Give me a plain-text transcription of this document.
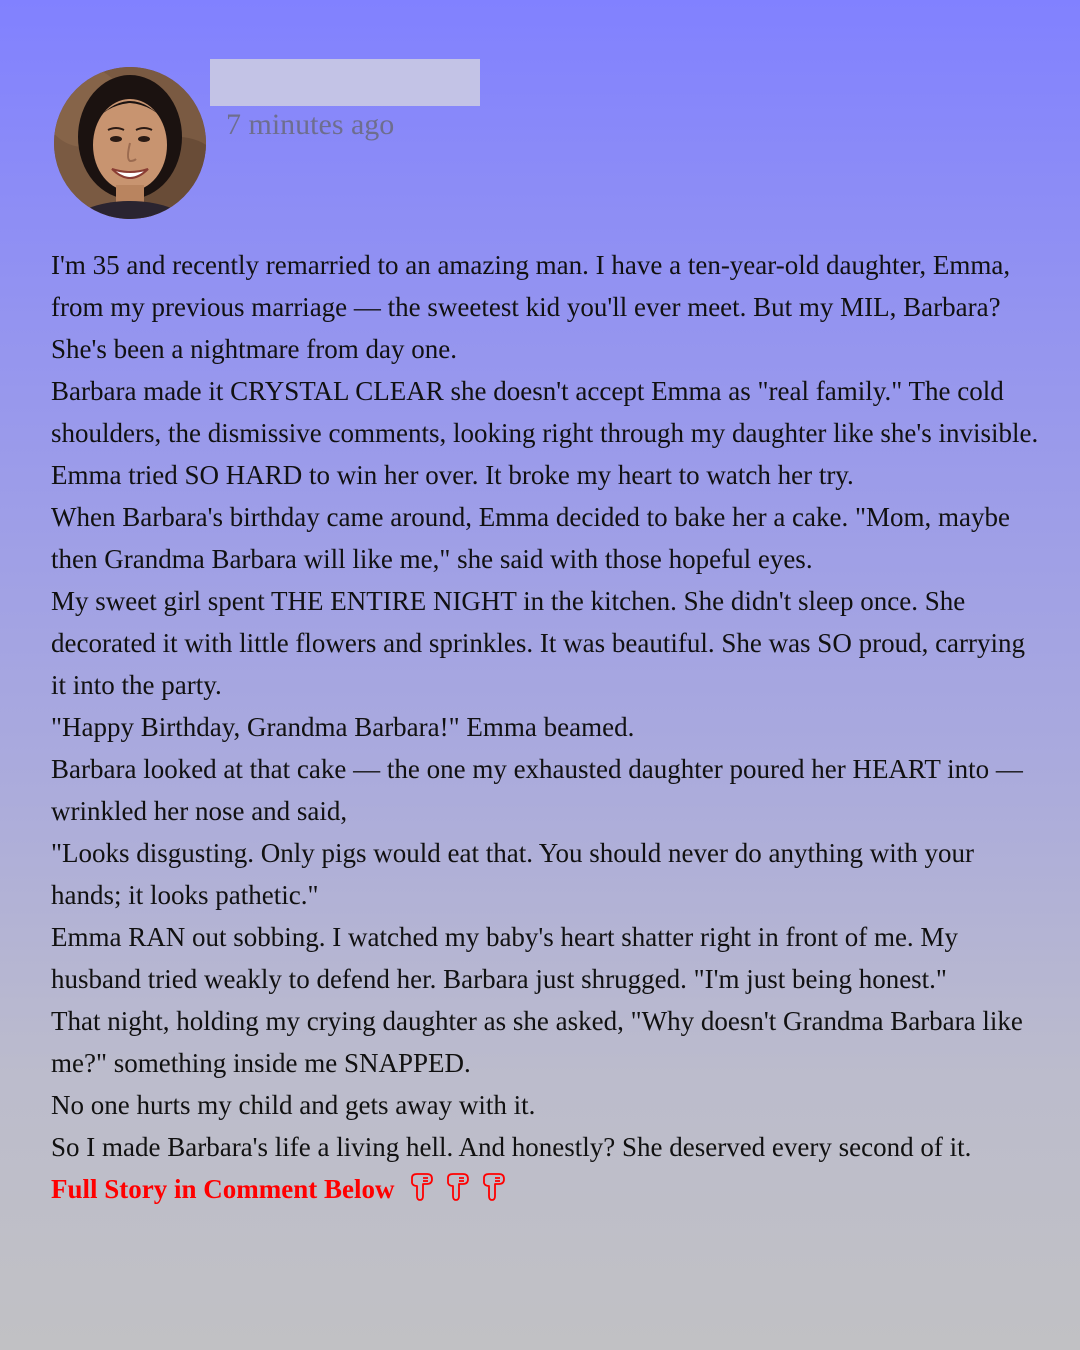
7 minutes ago

I'm 35 and recently remarried to an amazing man. I have a ten-year-old daughter, Emma, from my previous marriage — the sweetest kid you'll ever meet. But my MIL, Barbara? She's been a nightmare from day one.

Barbara made it CRYSTAL CLEAR she doesn't accept Emma as "real family." The cold shoulders, the dismissive comments, looking right through my daughter like she's invisible. Emma tried SO HARD to win her over. It broke my heart to watch her try.

When Barbara's birthday came around, Emma decided to bake her a cake. "Mom, maybe then Grandma Barbara will like me," she said with those hopeful eyes.

My sweet girl spent THE ENTIRE NIGHT in the kitchen. She didn't sleep once. She decorated it with little flowers and sprinkles. It was beautiful. She was SO proud, carrying it into the party.

"Happy Birthday, Grandma Barbara!" Emma beamed.

Barbara looked at that cake — the one my exhausted daughter poured her HEART into — wrinkled her nose and said,

"Looks disgusting. Only pigs would eat that. You should never do anything with your hands; it looks pathetic."

Emma RAN out sobbing. I watched my baby's heart shatter right in front of me. My husband tried weakly to defend her. Barbara just shrugged. "I'm just being honest."

That night, holding my crying daughter as she asked, "Why doesn't Grandma Barbara like me?" something inside me SNAPPED.

No one hurts my child and gets away with it.

So I made Barbara's life a living hell. And honestly? She deserved every second of it.

Full Story in Comment Below
